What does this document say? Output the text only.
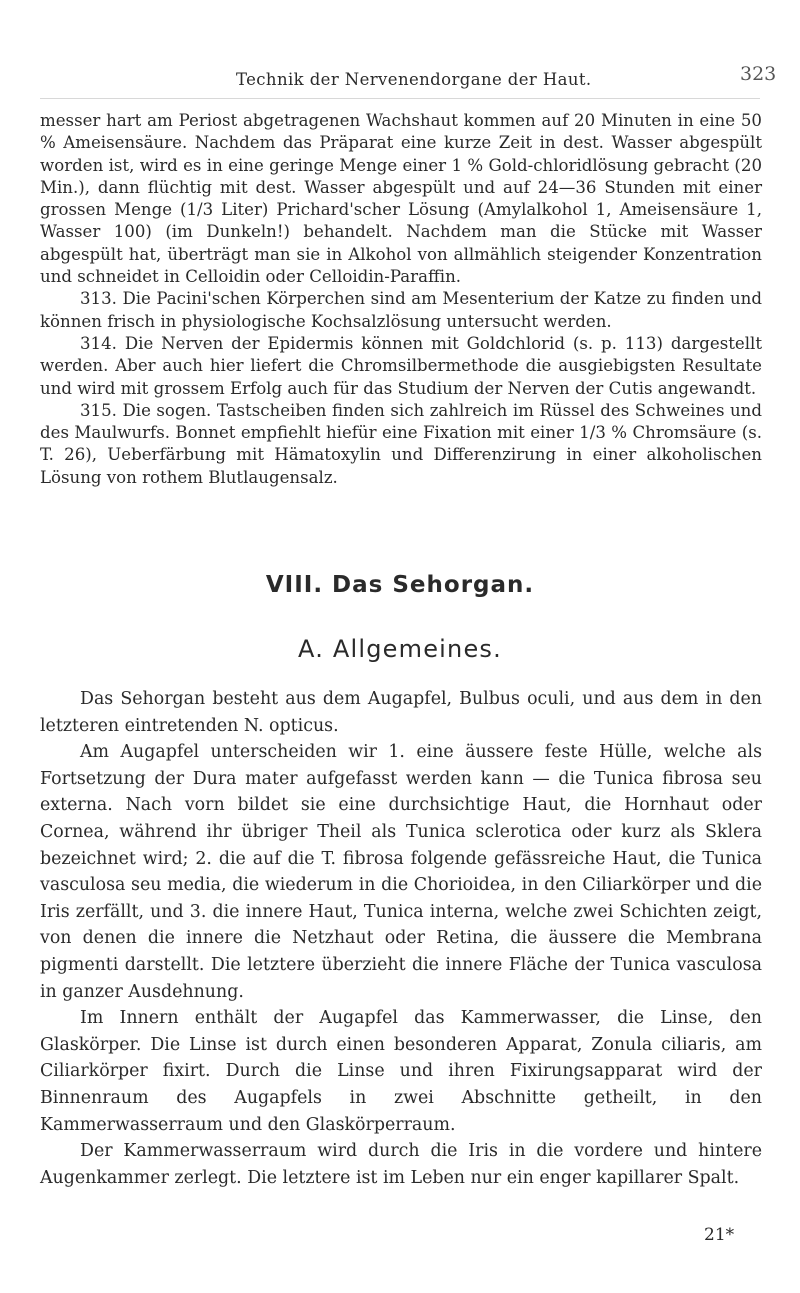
Technik der Nervenendorgane der Haut.	323

messer hart am Periost abgetragenen Wachshaut kommen auf 20 Minuten in eine 50 % Ameisensäure. Nachdem das Präparat eine kurze Zeit in dest. Wasser abgespült worden ist, wird es in eine geringe Menge einer 1 % Gold-chloridlösung gebracht (20 Min.), dann flüchtig mit dest. Wasser abgespült und auf 24—36 Stunden mit einer grossen Menge (1/3 Liter) Prichard'scher Lösung (Amylalkohol 1, Ameisensäure 1, Wasser 100) (im Dunkeln!) behandelt. Nachdem man die Stücke mit Wasser abgespült hat, überträgt man sie in Alkohol von allmählich steigender Konzentration und schneidet in Celloidin oder Celloidin-Paraffin.

313. Die Pacini'schen Körperchen sind am Mesenterium der Katze zu finden und können frisch in physiologische Kochsalzlösung untersucht werden.

314. Die Nerven der Epidermis können mit Goldchlorid (s. p. 113) dargestellt werden. Aber auch hier liefert die Chromsilbermethode die ausgiebigsten Resultate und wird mit grossem Erfolg auch für das Studium der Nerven der Cutis angewandt.

315. Die sogen. Tastscheiben finden sich zahlreich im Rüssel des Schweines und des Maulwurfs. Bonnet empfiehlt hiefür eine Fixation mit einer 1/3 % Chromsäure (s. T. 26), Ueberfärbung mit Hämatoxylin und Differenzirung in einer alkoholischen Lösung von rothem Blutlaugensalz.

VIII. Das Sehorgan.
A. Allgemeines.

Das Sehorgan besteht aus dem Augapfel, Bulbus oculi, und aus dem in den letzteren eintretenden N. opticus.

Am Augapfel unterscheiden wir 1. eine äussere feste Hülle, welche als Fortsetzung der Dura mater aufgefasst werden kann — die Tunica fibrosa seu externa. Nach vorn bildet sie eine durchsichtige Haut, die Hornhaut oder Cornea, während ihr übriger Theil als Tunica sclerotica oder kurz als Sklera bezeichnet wird; 2. die auf die T. fibrosa folgende gefässreiche Haut, die Tunica vasculosa seu media, die wiederum in die Chorioidea, in den Ciliarkörper und die Iris zerfällt, und 3. die innere Haut, Tunica interna, welche zwei Schichten zeigt, von denen die innere die Netzhaut oder Retina, die äussere die Membrana pigmenti darstellt. Die letztere überzieht die innere Fläche der Tunica vasculosa in ganzer Ausdehnung.

Im Innern enthält der Augapfel das Kammerwasser, die Linse, den Glaskörper. Die Linse ist durch einen besonderen Apparat, Zonula ciliaris, am Ciliarkörper fixirt. Durch die Linse und ihren Fixirungsapparat wird der Binnenraum des Augapfels in zwei Abschnitte getheilt, in den Kammerwasserraum und den Glaskörperraum.

Der Kammerwasserraum wird durch die Iris in die vordere und hintere Augenkammer zerlegt. Die letztere ist im Leben nur ein enger kapillarer Spalt.

21*
